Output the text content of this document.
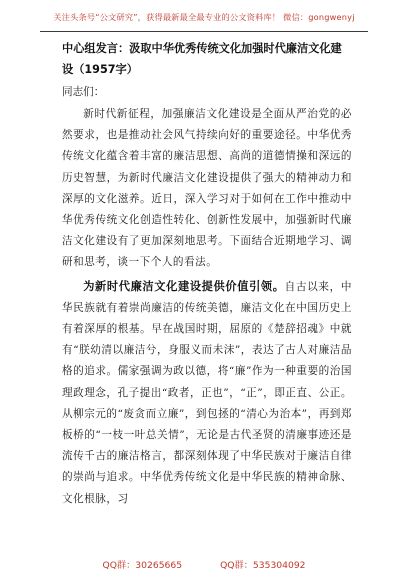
关注头条号“公文研究”，获得最新最全最专业的公文资料库！ 微信：gongwenyj

中心组发言：汲取中华优秀传统文化加强时代廉洁文化建设（1957字）

同志们：

新时代新征程，加强廉洁文化建设是全面从严治党的必然要求，也是推动社会风气持续向好的重要途径。中华优秀传统文化蕴含着丰富的廉洁思想、高尚的道德情操和深远的历史智慧，为新时代廉洁文化建设提供了强大的精神动力和深厚的文化滋养。近日，深入学习对于如何在工作中推动中华优秀传统文化创造性转化、创新性发展中，加强新时代廉洁文化建设有了更加深刻地思考。下面结合近期地学习、调研和思考，谈一下个人的看法。

为新时代廉洁文化建设提供价值引领。自古以来，中华民族就有着崇尚廉洁的传统美德，廉洁文化在中国历史上有着深厚的根基。早在战国时期，屈原的《楚辞招魂》中就有“朕幼清以廉洁兮，身服义而未沫”，表达了古人对廉洁品格的追求。儒家强调为政以德，将“廉”作为一种重要的治国理政理念，孔子提出“政者，正也”，“正”，即正直、公正。从柳宗元的“废贪而立廉”，到包拯的“清心为治本”，再到郑板桥的“一枝一叶总关情”，无论是古代圣贤的清廉事迹还是流传千古的廉洁格言，都深刻体现了中华民族对于廉洁自律的崇尚与追求。中华优秀传统文化是中华民族的精神命脉、文化根脉，习

QQ群：30265665	QQ群：535304092
